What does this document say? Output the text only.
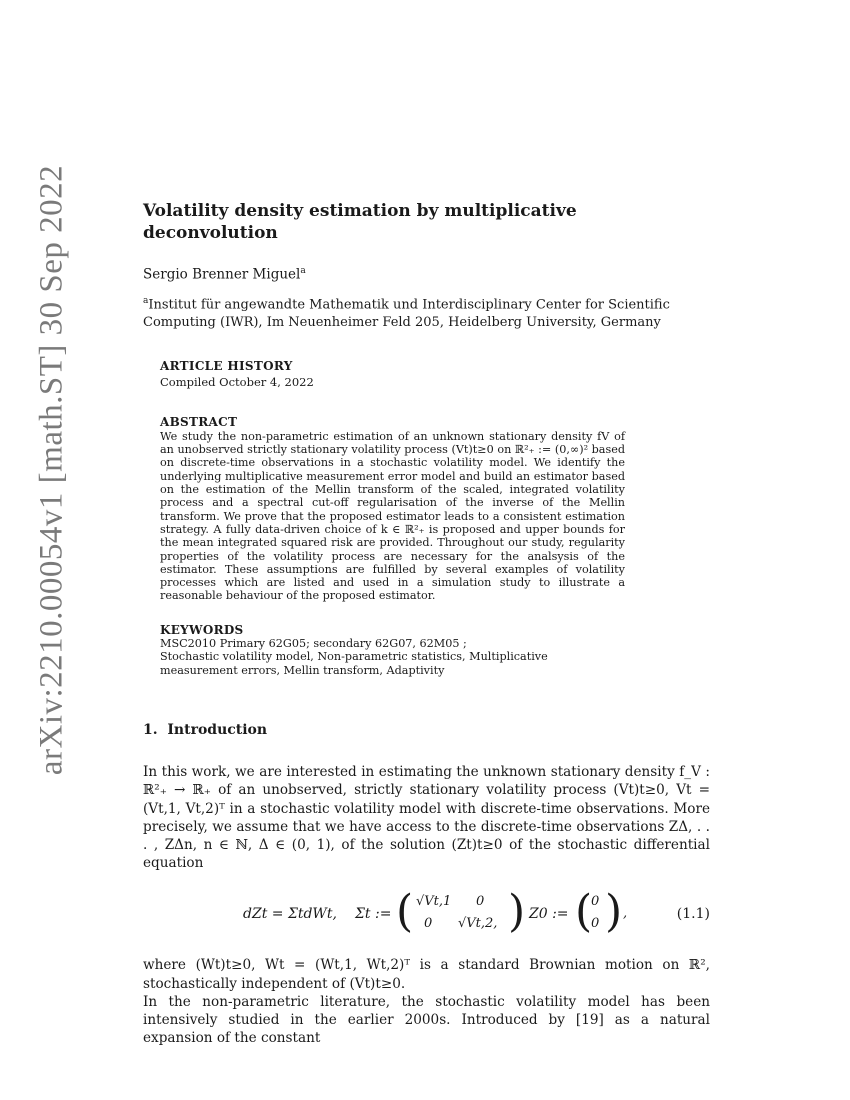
arXiv:2210.00054v1 [math.ST] 30 Sep 2022	Volatility density estimation by multiplicative deconvolution
Sergio Brenner Miguel$^a$
$^a$Institut für angewandte Mathematik und Interdisciplinary Center for Scientific Computing (IWR), Im Neuenheimer Feld 205, Heidelberg University, Germany
ARTICLE HISTORY
Compiled October 4, 2022
ABSTRACT
We study the non-parametric estimation of an unknown stationary density fV of an unobserved strictly stationary volatility process (Vt)t≥0 on ℝ²₊ := (0,∞)² based on discrete-time observations in a stochastic volatility model. We identify the underlying multiplicative measurement error model and build an estimator based on the estimation of the Mellin transform of the scaled, integrated volatility process and a spectral cut-off regularisation of the inverse of the Mellin transform. We prove that the proposed estimator leads to a consistent estimation strategy. A fully data-driven choice of k ∈ ℝ²₊ is proposed and upper bounds for the mean integrated squared risk are provided. Throughout our study, regularity properties of the volatility process are necessary for the analsysis of the estimator. These assumptions are fulfilled by several examples of volatility processes which are listed and used in a simulation study to illustrate a reasonable behaviour of the proposed estimator.
KEYWORDS
MSC2010 Primary 62G05; secondary 62G07, 62M05 ;
Stochastic volatility model, Non-parametric statistics, Multiplicative measurement errors, Mellin transform, Adaptivity
1. Introduction
In this work, we are interested in estimating the unknown stationary density f_V : ℝ²₊ → ℝ₊ of an unobserved, strictly stationary volatility process (Vt)t≥0, Vt = (Vt,1, Vt,2)ᵀ in a stochastic volatility model with discrete-time observations. More precisely, we assume that we have access to the discrete-time observations ZΔ, . . . , ZΔn, n ∈ ℕ, Δ ∈ (0, 1), of the solution (Zt)t≥0 of the stochastic differential equation
dZt = ΣtdWt, Σt := ( √Vt,1 0
0 √Vt,2, ) Z0 := (
0
0 ) ,	(1.1)
where (Wt)t≥0, Wt = (Wt,1, Wt,2)ᵀ is a standard Brownian motion on ℝ², stochastically independent of (Vt)t≥0.
In the non-parametric literature, the stochastic volatility model has been intensively studied in the earlier 2000s. Introduced by [19] as a natural expansion of the constant
